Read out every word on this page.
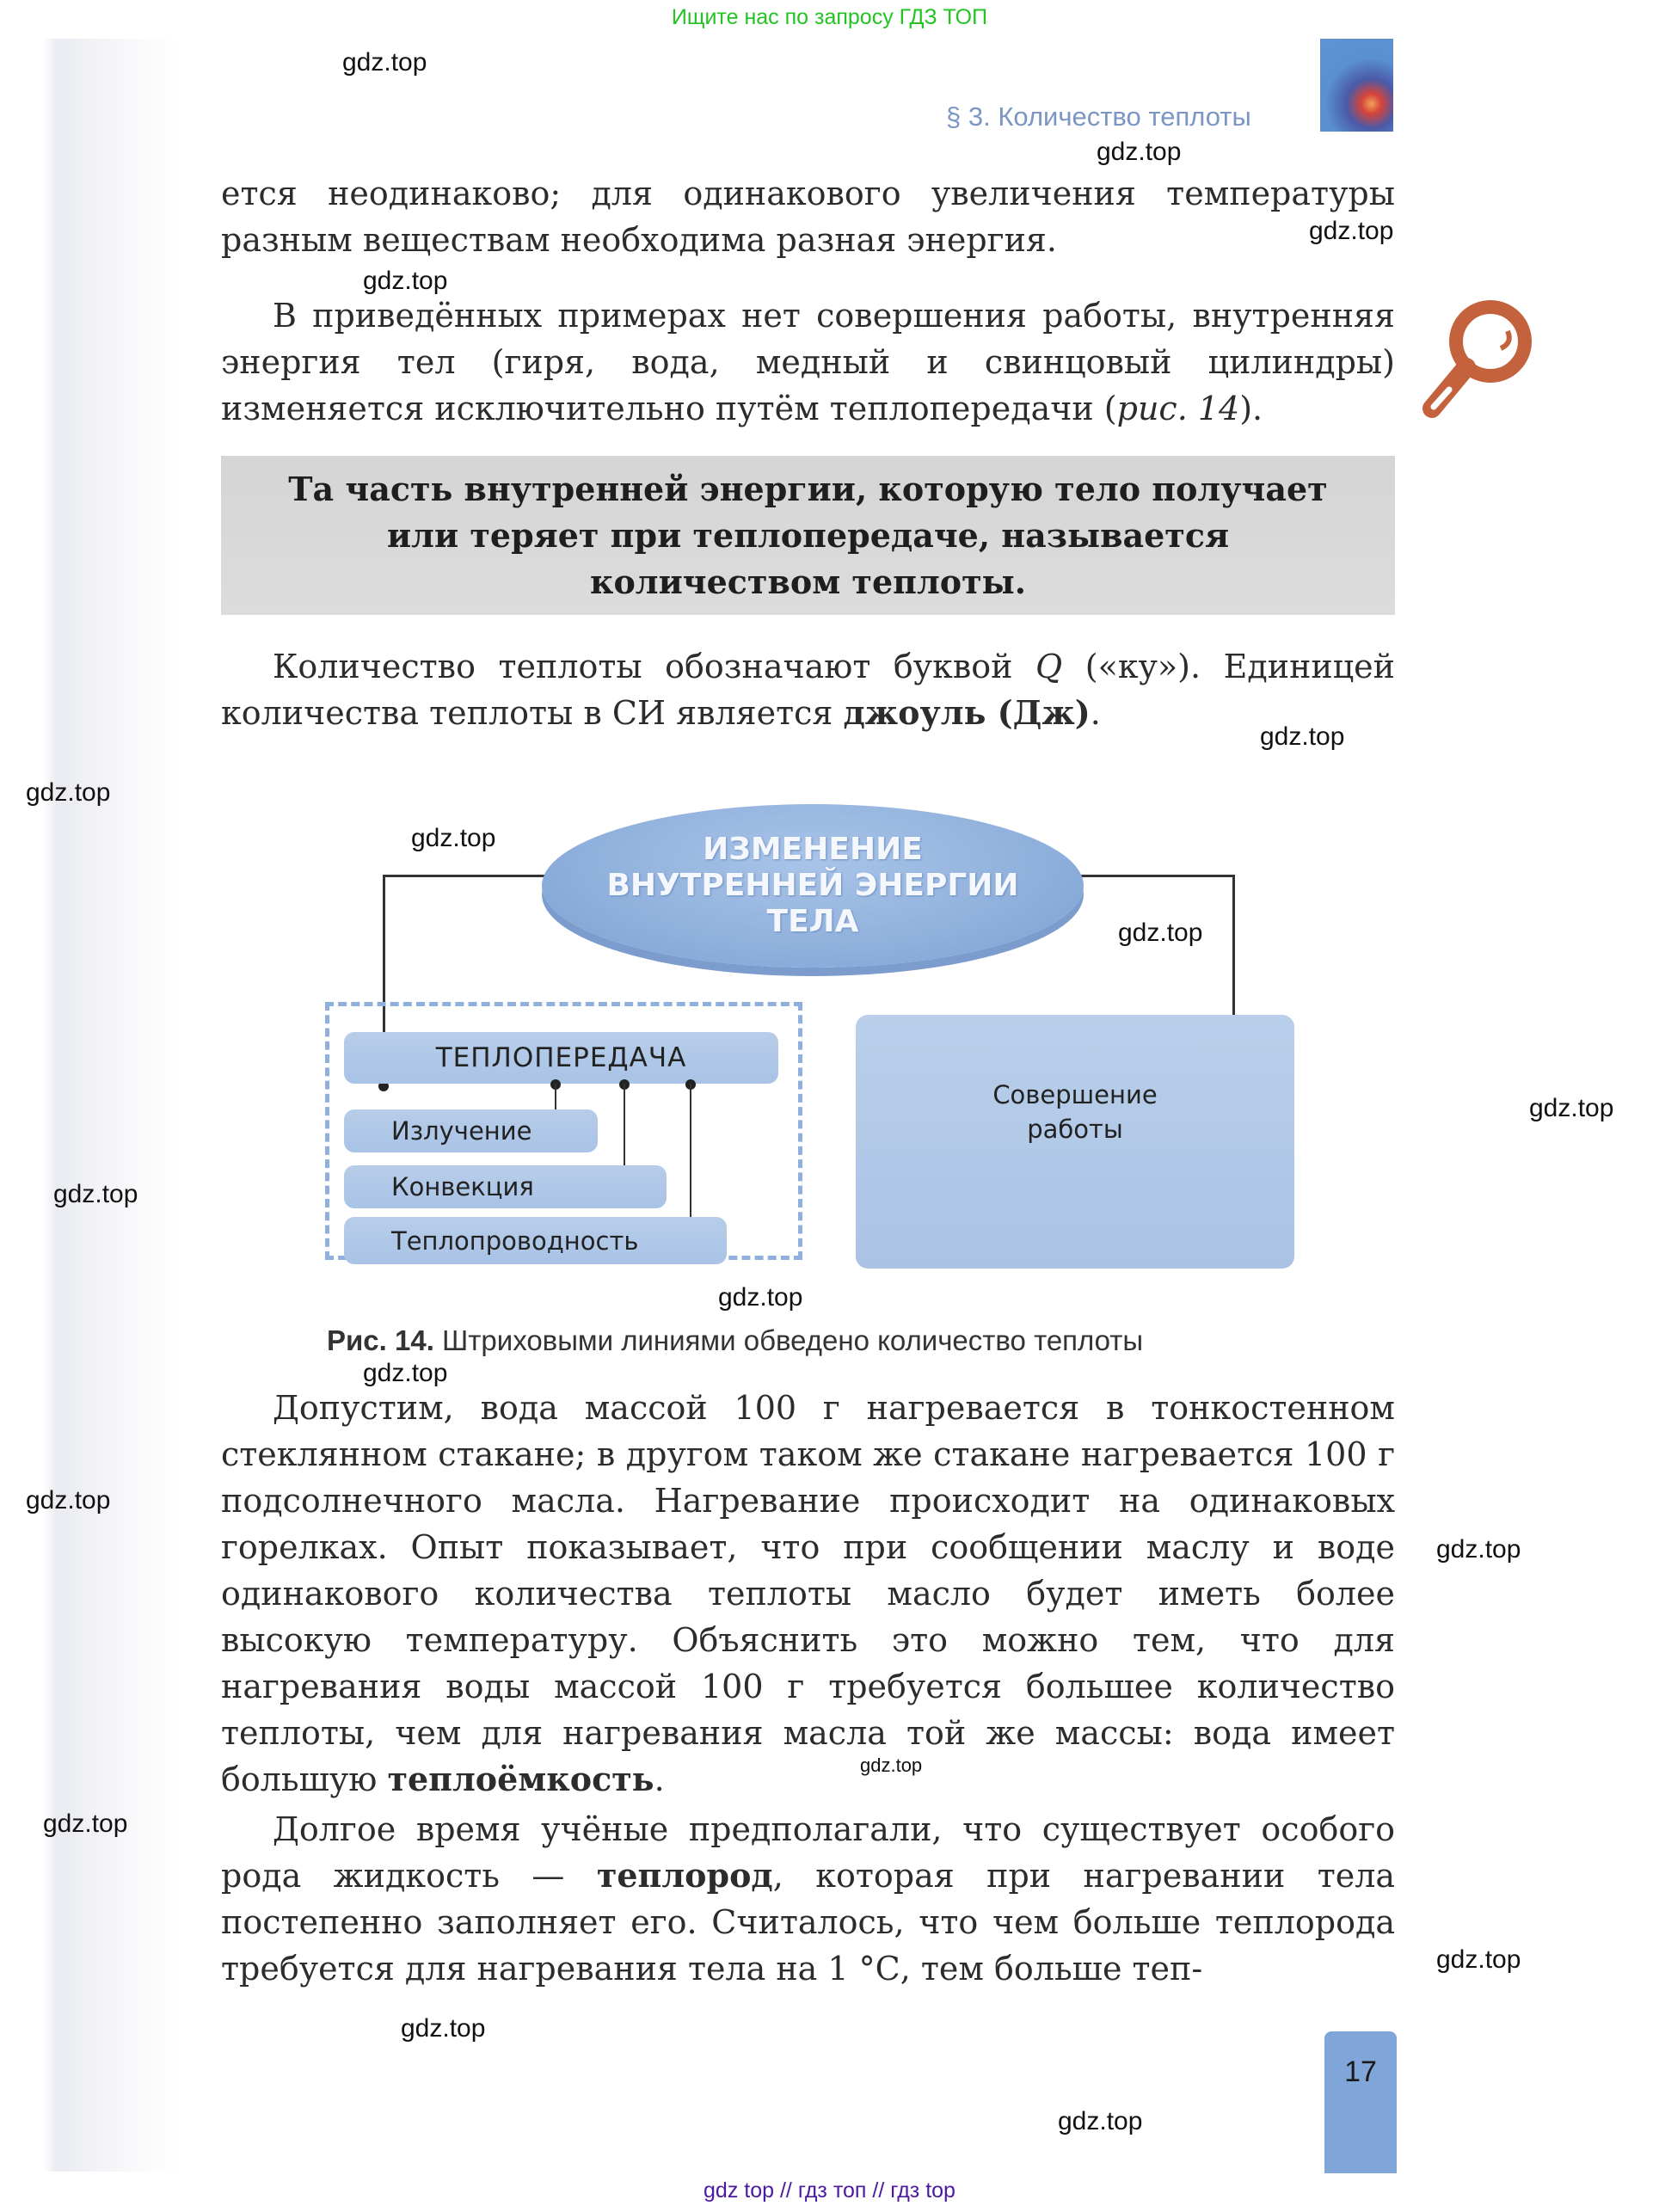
Ищите нас по запросу ГДЗ ТОП
§ 3. Количество теплоты
gdz.top
gdz.top
gdz.top
gdz.top
gdz.top
gdz.top
gdz.top
gdz.top
gdz.top
gdz.top
gdz.top
gdz.top
gdz.top
gdz.top
gdz.top
gdz.top
gdz.top
gdz.top
gdz.top

ется неодинаково; для одинакового увеличения температуры разным веществам необходима разная энергия.

В приведённых примерах нет совершения работы, внутренняя энергия тел (гиря, вода, медный и свинцовый цилиндры) изменяется исключительно путём теплопередачи (рис. 14).

Та часть внутренней энергии, которую тело получает или теряет при теплопередаче, называется количеством теплоты.

Количество теплоты обозначают буквой Q («ку»). Единицей количества теплоты в СИ является джоуль (Дж).

ИЗМЕНЕНИЕ
ВНУТРЕННЕЙ ЭНЕРГИИ
ТЕЛА
ТЕПЛОПЕРЕДАЧА
Излучение
Конвекция
Теплопроводность
Совершение
работы
Рис. 14. Штриховыми линиями обведено количество теплоты

Допустим, вода массой 100 г нагревается в тонкостенном стеклянном стакане; в другом таком же стакане нагревается 100 г подсолнечного масла. Нагревание происходит на одинаковых горелках. Опыт показывает, что при сообщении маслу и воде одинакового количества теплоты масло будет иметь более высокую температуру. Объяснить это можно тем, что для нагревания воды массой 100 г требуется большее количество теплоты, чем для нагревания масла той же массы: вода имеет большую теплоёмкость.

Долгое время учёные предполагали, что существует особого рода жидкость — теплород, которая при нагревании тела постепенно заполняет его. Считалось, что чем больше теплорода требуется для нагревания тела на 1 °С, тем больше теп-

17
gdz top // гдз топ // гдз top
